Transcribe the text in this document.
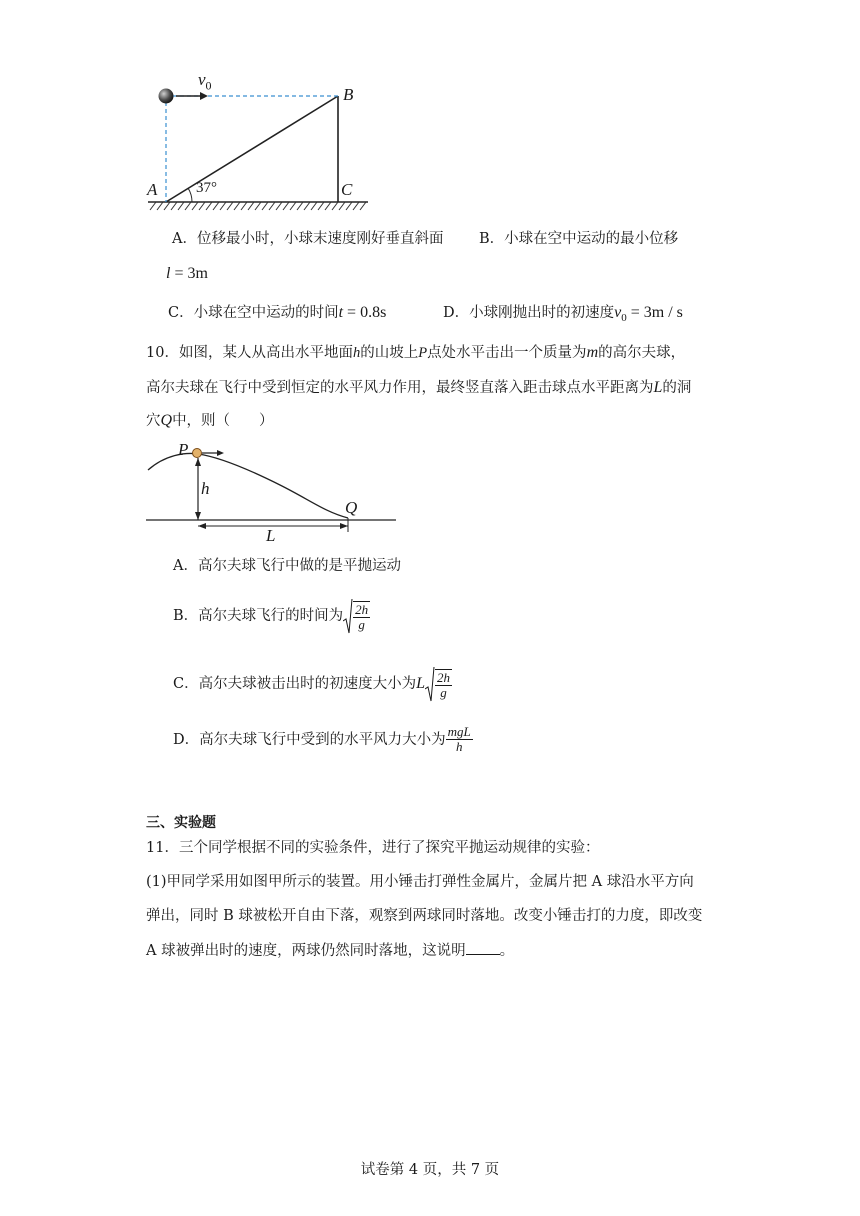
$v_0$	B
A	C
37°
A．位移最小时，小球末速度刚好垂直斜面 B．小球在空中运动的最小位移
l = 3m
C．小球在空中运动的时间t = 0.8s	D．小球刚抛出时的初速度$v_0 = 3m / s$
10．如图，某人从高出水平地面h的山坡上P点处水平击出一个质量为m的高尔夫球，
高尔夫球在飞行中受到恒定的水平风力作用，最终竖直落入距击球点水平距离为L的洞
穴Q中，则（　　）
P
h
Q
L
A．高尔夫球飞行中做的是平抛运动
B．高尔夫球飞行的时间为 $\frac{2h}{g}$
C．高尔夫球被击出时的初速度大小为 L $\frac{2h}{g}$
D．高尔夫球飞行中受到的水平风力大小为 $\frac{\text{mgL}}{h}$
三、实验题
11．三个同学根据不同的实验条件，进行了探究平抛运动规律的实验：
(1)甲同学采用如图甲所示的装置。用小锤击打弹性金属片，金属片把 A 球沿水平方向
弹出，同时 B 球被松开自由下落，观察到两球同时落地。改变小锤击打的力度，即改变
A 球被弹出时的速度，两球仍然同时落地，这说明 。
试卷第 4 页，共 7 页
